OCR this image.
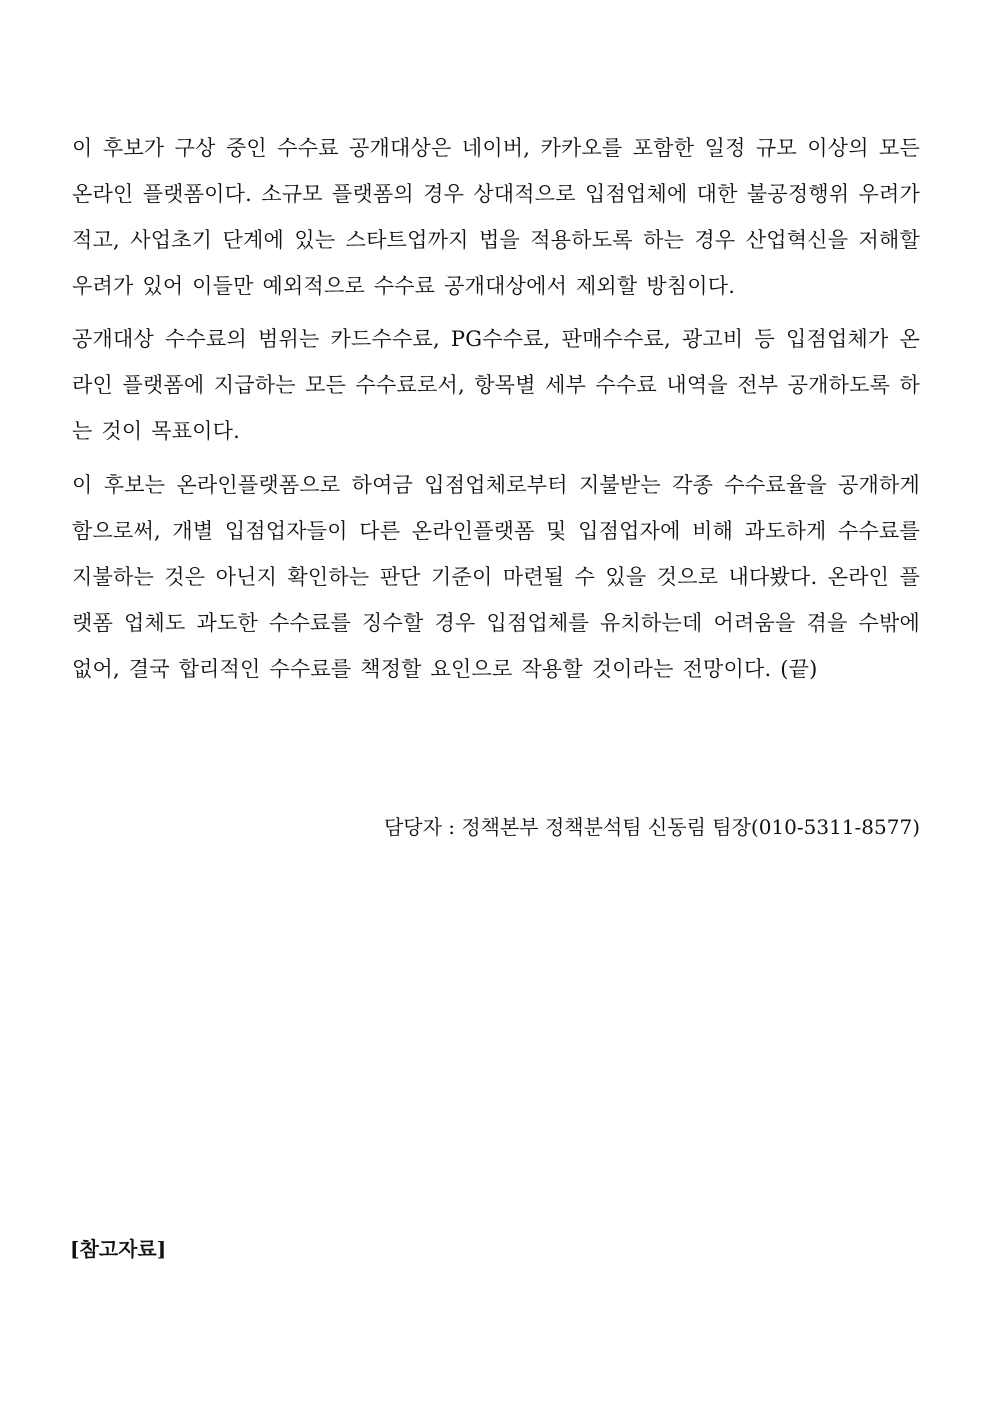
이 후보가 구상 중인 수수료 공개대상은 네이버, 카카오를 포함한 일정 규모 이상의 모든 온라인 플랫폼이다. 소규모 플랫폼의 경우 상대적으로 입점업체에 대한 불공정행위 우려가 적고, 사업초기 단계에 있는 스타트업까지 법을 적용하도록 하는 경우 산업혁신을 저해할 우려가 있어 이들만 예외적으로 수수료 공개대상에서 제외할 방침이다.

공개대상 수수료의 범위는 카드수수료, PG수수료, 판매수수료, 광고비 등 입점업체가 온라인 플랫폼에 지급하는 모든 수수료로서, 항목별 세부 수수료 내역을 전부 공개하도록 하는 것이 목표이다.

이 후보는 온라인플랫폼으로 하여금 입점업체로부터 지불받는 각종 수수료율을 공개하게 함으로써, 개별 입점업자들이 다른 온라인플랫폼 및 입점업자에 비해 과도하게 수수료를 지불하는 것은 아닌지 확인하는 판단 기준이 마련될 수 있을 것으로 내다봤다. 온라인 플랫폼 업체도 과도한 수수료를 징수할 경우 입점업체를 유치하는데 어려움을 겪을 수밖에 없어, 결국 합리적인 수수료를 책정할 요인으로 작용할 것이라는 전망이다. (끝)

담당자 : 정책본부 정책분석팀 신동림 팀장(010-5311-8577)
[참고자료]
